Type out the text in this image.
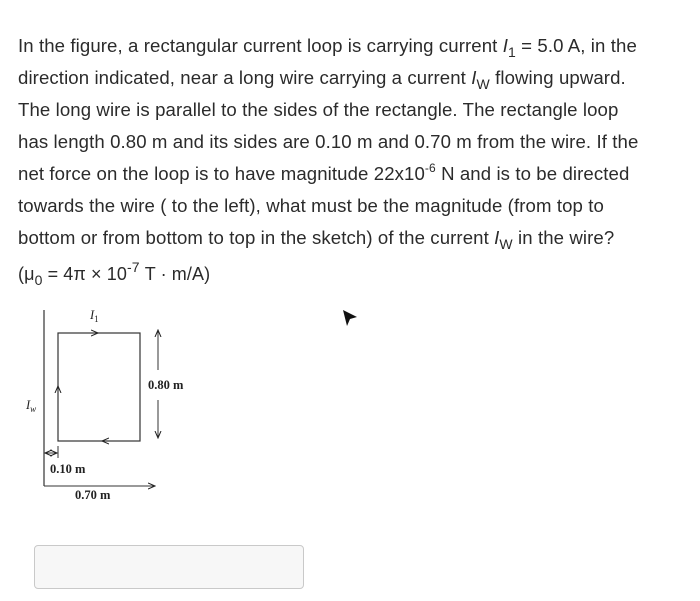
In the figure, a rectangular current loop is carrying current $I_1 = 5.0$ A, in the
direction indicated, near a long wire carrying a current $I_W$ flowing upward.
The long wire is parallel to the sides of the rectangle. The rectangle loop
has length 0.80 m and its sides are 0.10 m and 0.70 m from the wire. If the
net force on the loop is to have magnitude $22x10^{-6}$ N and is to be directed
towards the wire ( to the left), what must be the magnitude (from top to
bottom or from bottom to top in the sketch) of the current $I_W$ in the wire?
($\mu_0 = 4\pi \times 10^{-7}$ T · m/A)
$I_1$
$I_w$
0.80 m
0.10 m
0.70 m
